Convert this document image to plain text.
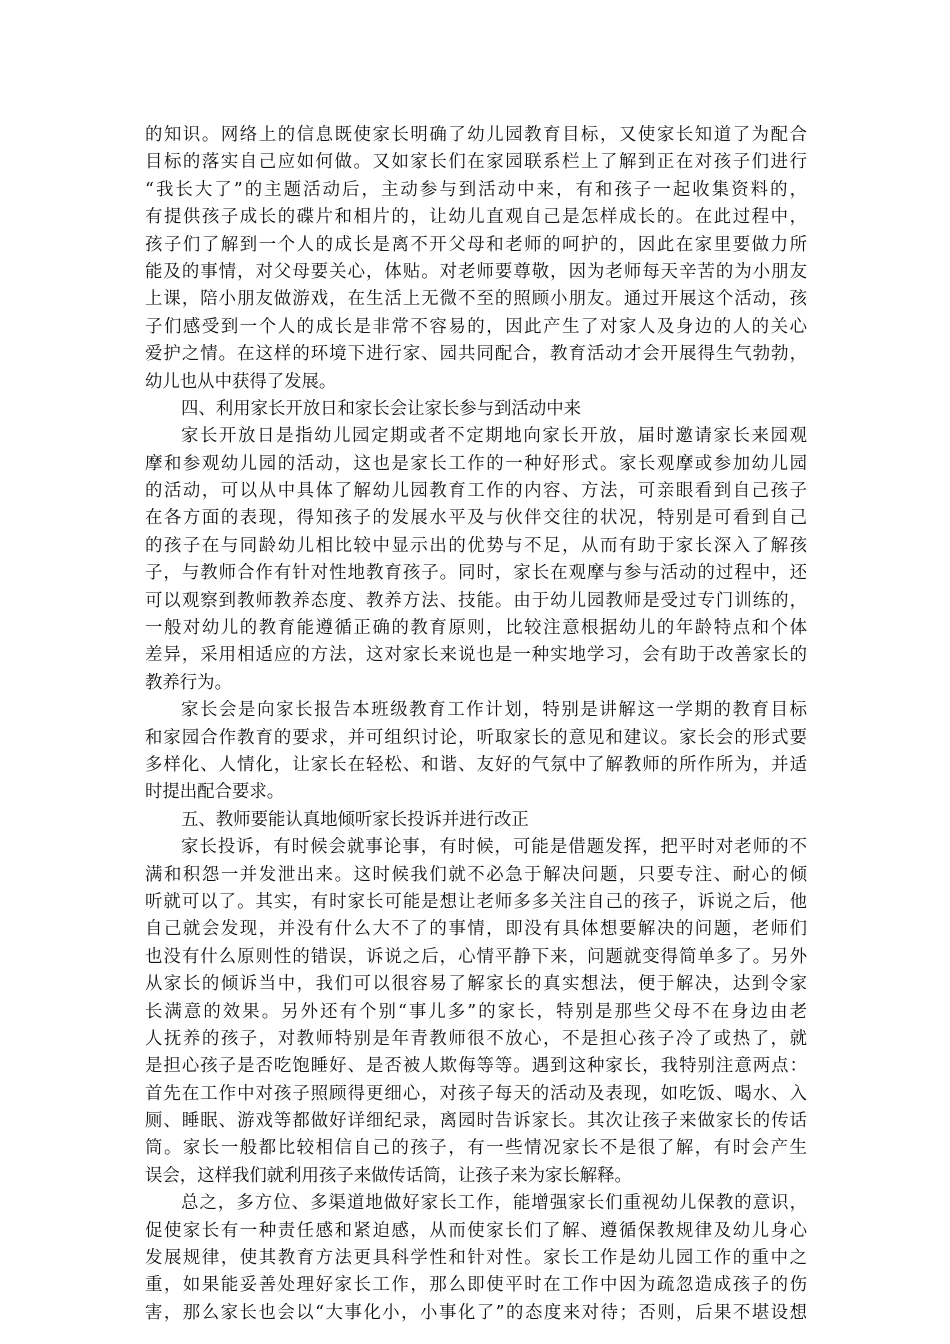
的知识。网络上的信息既使家长明确了幼儿园教育目标，又使家长知道了为配合
目标的落实自己应如何做。又如家长们在家园联系栏上了解到正在对孩子们进行
“我长大了”的主题活动后，主动参与到活动中来，有和孩子一起收集资料的，
有提供孩子成长的碟片和相片的，让幼儿直观自己是怎样成长的。在此过程中，
孩子们了解到一个人的成长是离不开父母和老师的呵护的，因此在家里要做力所
能及的事情，对父母要关心，体贴。对老师要尊敬，因为老师每天辛苦的为小朋友
上课，陪小朋友做游戏，在生活上无微不至的照顾小朋友。通过开展这个活动，孩
子们感受到一个人的成长是非常不容易的，因此产生了对家人及身边的人的关心
爱护之情。在这样的环境下进行家、园共同配合，教育活动才会开展得生气勃勃，
幼儿也从中获得了发展。
四、利用家长开放日和家长会让家长参与到活动中来
家长开放日是指幼儿园定期或者不定期地向家长开放，届时邀请家长来园观
摩和参观幼儿园的活动，这也是家长工作的一种好形式。家长观摩或参加幼儿园
的活动，可以从中具体了解幼儿园教育工作的内容、方法，可亲眼看到自己孩子
在各方面的表现，得知孩子的发展水平及与伙伴交往的状况，特别是可看到自己
的孩子在与同龄幼儿相比较中显示出的优势与不足，从而有助于家长深入了解孩
子，与教师合作有针对性地教育孩子。同时，家长在观摩与参与活动的过程中，还
可以观察到教师教养态度、教养方法、技能。由于幼儿园教师是受过专门训练的，
一般对幼儿的教育能遵循正确的教育原则，比较注意根据幼儿的年龄特点和个体
差异，采用相适应的方法，这对家长来说也是一种实地学习，会有助于改善家长的
教养行为。
家长会是向家长报告本班级教育工作计划，特别是讲解这一学期的教育目标
和家园合作教育的要求，并可组织讨论，听取家长的意见和建议。家长会的形式要
多样化、人情化，让家长在轻松、和谐、友好的气氛中了解教师的所作所为，并适
时提出配合要求。
五、教师要能认真地倾听家长投诉并进行改正
家长投诉，有时候会就事论事，有时候，可能是借题发挥，把平时对老师的不
满和积怨一并发泄出来。这时候我们就不必急于解决问题，只要专注、耐心的倾
听就可以了。其实，有时家长可能是想让老师多多关注自己的孩子，诉说之后，他
自己就会发现，并没有什么大不了的事情，即没有具体想要解决的问题，老师们
也没有什么原则性的错误，诉说之后，心情平静下来，问题就变得简单多了。另外
从家长的倾诉当中，我们可以很容易了解家长的真实想法，便于解决，达到令家
长满意的效果。另外还有个别“事儿多”的家长，特别是那些父母不在身边由老
人抚养的孩子，对教师特别是年青教师很不放心，不是担心孩子冷了或热了，就
是担心孩子是否吃饱睡好、是否被人欺侮等等。遇到这种家长，我特别注意两点：
首先在工作中对孩子照顾得更细心，对孩子每天的活动及表现，如吃饭、喝水、入
厕、睡眠、游戏等都做好详细纪录，离园时告诉家长。其次让孩子来做家长的传话
筒。家长一般都比较相信自己的孩子，有一些情况家长不是很了解，有时会产生
误会，这样我们就利用孩子来做传话筒，让孩子来为家长解释。
总之，多方位、多渠道地做好家长工作，能增强家长们重视幼儿保教的意识，
促使家长有一种责任感和紧迫感，从而使家长们了解、遵循保教规律及幼儿身心
发展规律，使其教育方法更具科学性和针对性。家长工作是幼儿园工作的重中之
重，如果能妥善处理好家长工作，那么即使平时在工作中因为疏忽造成孩子的伤
害，那么家长也会以“大事化小，小事化了”的态度来对待；否则，后果不堪设想
